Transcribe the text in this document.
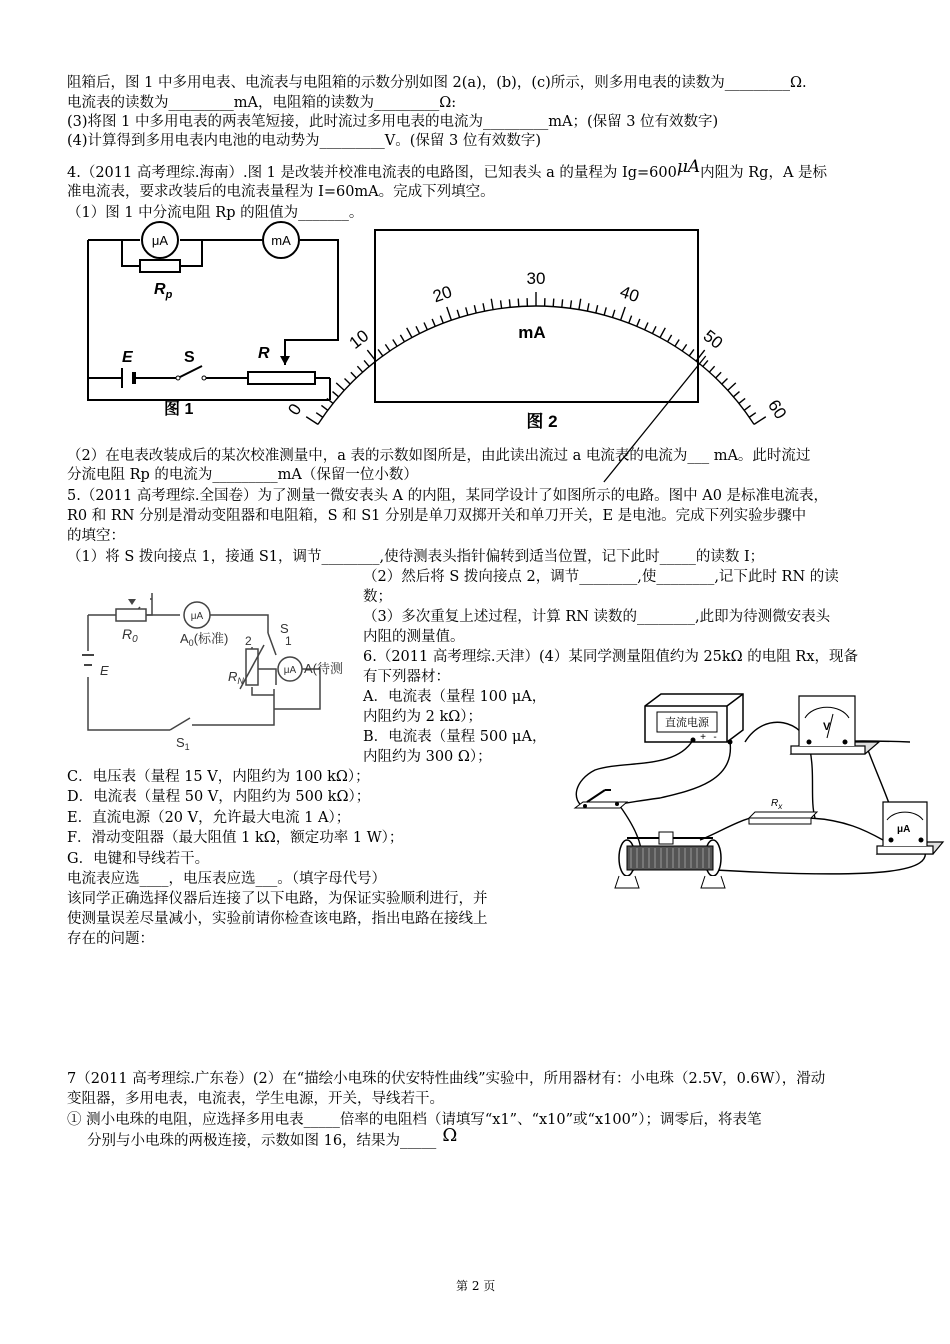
阻箱后，图 1 中多用电表、电流表与电阻箱的示数分别如图 2(a)，(b)，(c)所示，则多用电表的读数为_________Ω.
电流表的读数为_________mA，电阻箱的读数为_________Ω:
(3)将图 1 中多用电表的两表笔短接，此时流过多用电表的电流为_________mA；(保留 3 位有效数字)
(4)计算得到多用电表内电池的电动势为_________V。(保留 3 位有效数字)
4.（2011 高考理综.海南）.图 1 是改装并校准电流表的电路图，已知表头 a 的量程为 Ig=600μA内阻为 Rg，A 是标
准电流表，要求改装后的电流表量程为 I=60mA。完成下列填空。
（1）图 1 中分流电阻 Rp 的阻值为_______。
μA	mA
$R_p$
E	S	R
图 1	0
10
20
30
40
50
60
mA
图 2
（2）在电表改装成后的某次校准测量中，a 表的示数如图所是，由此读出流过 a 电流表的电流为___ mA。此时流过
分流电阻 Rp 的电流为_________mA（保留一位小数）
5.（2011 高考理综.全国卷）为了测量一微安表头 A 的内阻，某同学设计了如图所示的电路。图中 A0 是标准电流表，
R0 和 RN 分别是滑动变阻器和电阻箱，S 和 S1 分别是单刀双掷开关和单刀开关，E 是电池。完成下列实验步骤中
的填空：
（1）将 S 拨向接点 1，接通 S1，调节________,使待测表头指针偏转到适当位置，记下此时_____的读数 I；
μA
μA
$R_0$	$A_0$(标准)
S
2	1
$R_N$
A(待测
E
$S_1$
（2）然后将 S 拨向接点 2，调节________,使________,记下此时 RN 的读
数；
（3）多次重复上述过程，计算 RN 读数的________,此即为待测微安表头
内阻的测量值。
6.（2011 高考理综.天津）(4）某同学测量阻值约为 25kΩ 的电阻 Rx，现备
有下列器材：
A．电流表（量程 100 μA，
内阻约为 2 kΩ）；
B．电流表（量程 500 μA，
内阻约为 300 Ω）；
C．电压表（量程 15 V，内阻约为 100 kΩ）；
D．电流表（量程 50 V，内阻约为 500 kΩ）；
E．直流电源（20 V，允许最大电流 1 A）；
F．滑动变阻器（最大阻值 1 kΩ，额定功率 1 W）；
G．电键和导线若干。
电流表应选____，电压表应选___。（填字母代号）
该同学正确选择仪器后连接了以下电路，为保证实验顺利进行，并
使测量误差尽量减小，实验前请你检查该电路，指出电路在接线上
存在的问题：
直流电源
+ -
V
μA
$R_x$
7（2011 高考理综.广东卷）(2）在“描绘小电珠的伏安特性曲线”实验中，所用器材有：小电珠（2.5V，0.6W），滑动
变阻器，多用电表，电流表，学生电源，开关，导线若干。
① 测小电珠的电阻，应选择多用电表_____倍率的电阻档（请填写“x1”、“x10”或“x100”）；调零后，将表笔
分别与小电珠的两极连接，示数如图 16，结果为_____ Ω
第 2 页
